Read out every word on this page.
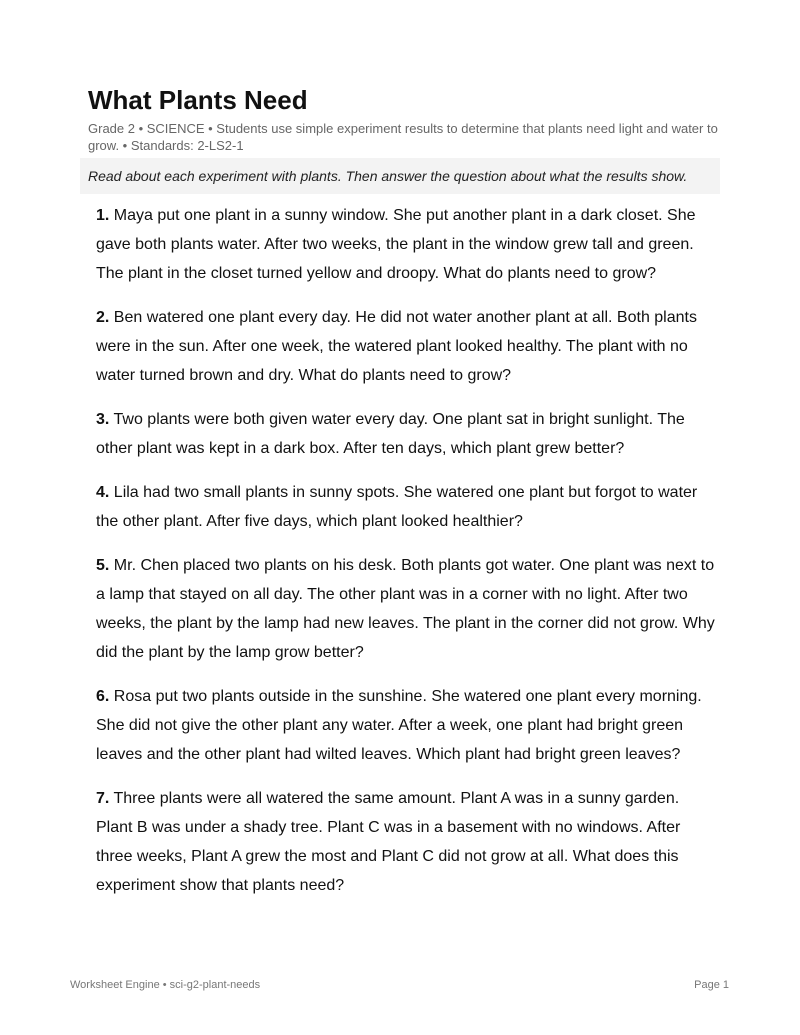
What Plants Need

Grade 2 • SCIENCE • Students use simple experiment results to determine that plants need light and water to grow. • Standards: 2-LS2-1

Read about each experiment with plants. Then answer the question about what the results show.
1. Maya put one plant in a sunny window. She put another plant in a dark closet. She gave both plants water. After two weeks, the plant in the window grew tall and green. The plant in the closet turned yellow and droopy. What do plants need to grow?
2. Ben watered one plant every day. He did not water another plant at all. Both plants were in the sun. After one week, the watered plant looked healthy. The plant with no water turned brown and dry. What do plants need to grow?
3. Two plants were both given water every day. One plant sat in bright sunlight. The other plant was kept in a dark box. After ten days, which plant grew better?
4. Lila had two small plants in sunny spots. She watered one plant but forgot to water the other plant. After five days, which plant looked healthier?
5. Mr. Chen placed two plants on his desk. Both plants got water. One plant was next to a lamp that stayed on all day. The other plant was in a corner with no light. After two weeks, the plant by the lamp had new leaves. The plant in the corner did not grow. Why did the plant by the lamp grow better?
6. Rosa put two plants outside in the sunshine. She watered one plant every morning. She did not give the other plant any water. After a week, one plant had bright green leaves and the other plant had wilted leaves. Which plant had bright green leaves?
7. Three plants were all watered the same amount. Plant A was in a sunny garden. Plant B was under a shady tree. Plant C was in a basement with no windows. After three weeks, Plant A grew the most and Plant C did not grow at all. What does this experiment show that plants need?
Worksheet Engine • sci-g2-plant-needs	Page 1
